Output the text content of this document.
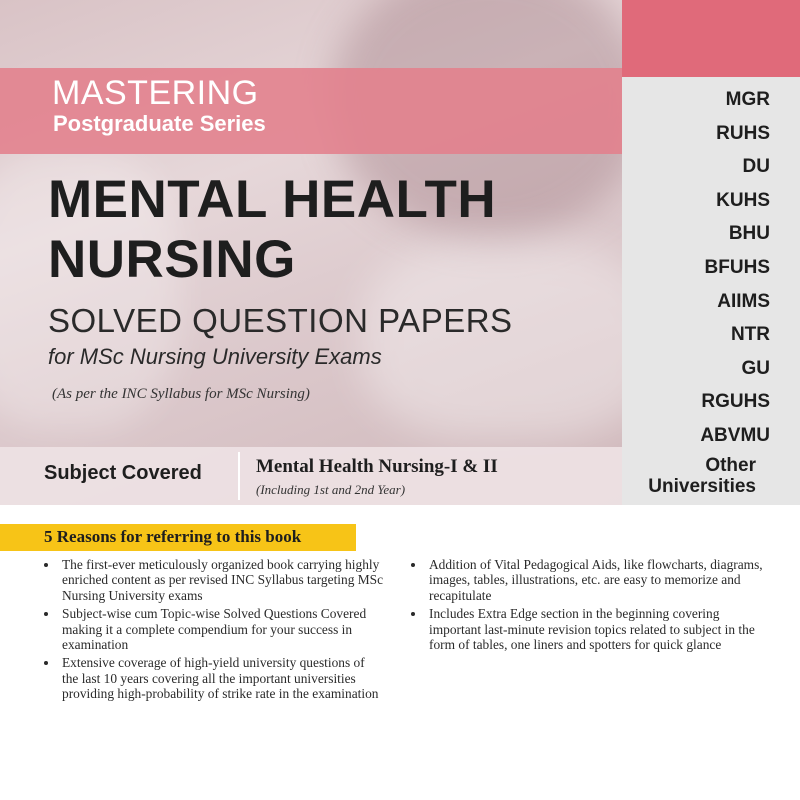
MASTERING
Postgraduate Series
MENTAL HEALTH
NURSING

SOLVED QUESTION PAPERS

for MSc Nursing University Exams

(As per the INC Syllabus for MSc Nursing)

Subject Covered	Mental Health Nursing-I & II
(Including 1st and 2nd Year)
MGR
RUHS
DU
KUHS
BHU
BFUHS
AIIMS
NTR
GU
RGUHS
ABVMU
Other
Universities
5 Reasons for referring to this book
The first-ever meticulously organized book carrying highly enriched content as per revised INC Syllabus targeting MSc Nursing University exams
Subject-wise cum Topic-wise Solved Questions Covered making it a complete compendium for your success in examination
Extensive coverage of high-yield university questions of the last 10 years covering all the important universities providing high-probability of strike rate in the examination
Addition of Vital Pedagogical Aids, like flowcharts, diagrams, images, tables, illustrations, etc. are easy to memorize and recapitulate
Includes Extra Edge section in the beginning covering important last-minute revision topics related to subject in the form of tables, one liners and spotters for quick glance
